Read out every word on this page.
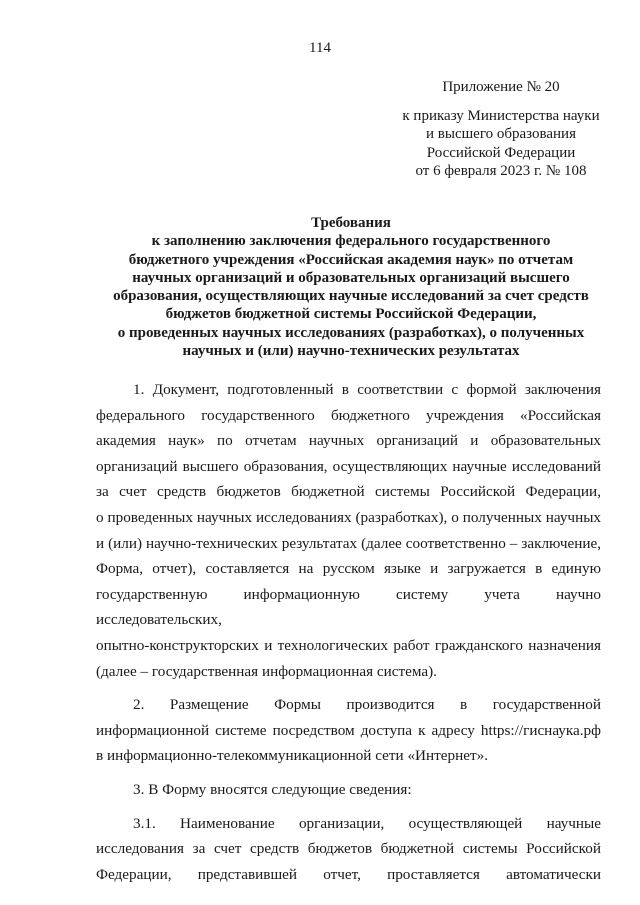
114
Приложение № 20
к приказу Министерства науки
и высшего образования
Российской Федерации
от 6 февраля 2023 г. № 108
Требования
к заполнению заключения федерального государственного
бюджетного учреждения «Российская академия наук» по отчетам
научных организаций и образовательных организаций высшего
образования, осуществляющих научные исследований за счет средств
бюджетов бюджетной системы Российской Федерации,
о проведенных научных исследованиях (разработках), о полученных
научных и (или) научно-технических результатах

1. Документ, подготовленный в соответствии с формой заключения
федерального государственного бюджетного учреждения «Российская
академия наук» по отчетам научных организаций и образовательных
организаций высшего образования, осуществляющих научные исследований
за счет средств бюджетов бюджетной системы Российской Федерации,
о проведенных научных исследованиях (разработках), о полученных научных
и (или) научно-технических результатах (далее соответственно – заключение,
Форма, отчет), составляется на русском языке и загружается в единую
государственную информационную систему учета научно исследовательских,
опытно-конструкторских и технологических работ гражданского назначения
(далее – государственная информационная система).

2. Размещение Формы производится в государственной
информационной системе посредством доступа к адресу https://гиснаука.рф
в информационно-телекоммуникационной сети «Интернет».

3. В Форму вносятся следующие сведения:

3.1. Наименование организации, осуществляющей научные
исследования за счет средств бюджетов бюджетной системы Российской
Федерации, представившей отчет, проставляется автоматически
